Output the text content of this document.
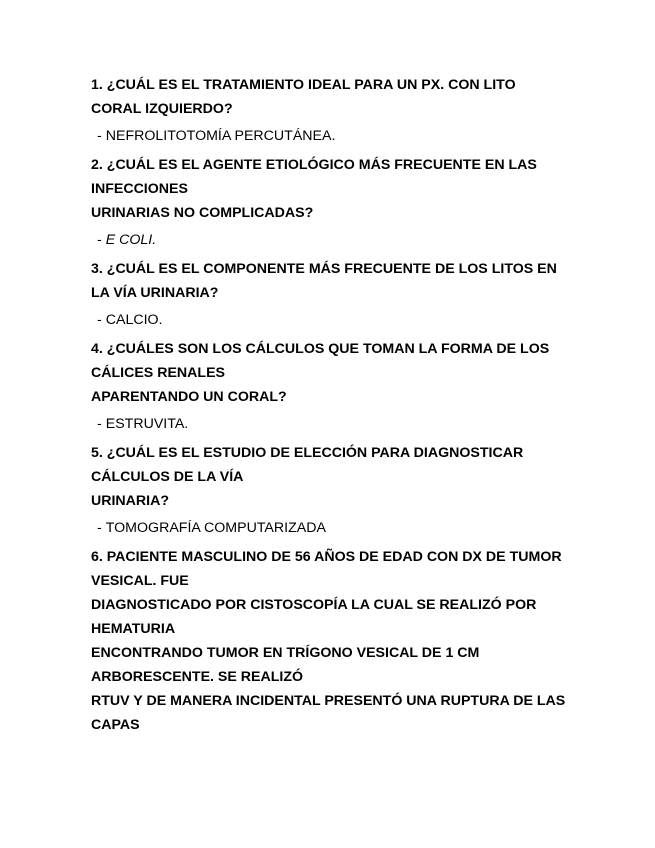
1. ¿CUÁL ES EL TRATAMIENTO IDEAL PARA UN PX. CON LITO
CORAL IZQUIERDO?
- NEFROLITOTOMÍA PERCUTÁNEA.
2. ¿CUÁL ES EL AGENTE ETIOLÓGICO MÁS FRECUENTE EN LAS
INFECCIONES
URINARIAS NO COMPLICADAS?
- E COLI.
3. ¿CUÁL ES EL COMPONENTE MÁS FRECUENTE DE LOS LITOS EN
LA VÍA URINARIA?
- CALCIO.
4. ¿CUÁLES SON LOS CÁLCULOS QUE TOMAN LA FORMA DE LOS
CÁLICES RENALES
APARENTANDO UN CORAL?
- ESTRUVITA.
5. ¿CUÁL ES EL ESTUDIO DE ELECCIÓN PARA DIAGNOSTICAR
CÁLCULOS DE LA VÍA
URINARIA?
- TOMOGRAFÍA COMPUTARIZADA
6. PACIENTE MASCULINO DE 56 AÑOS DE EDAD CON DX DE TUMOR
VESICAL. FUE
DIAGNOSTICADO POR CISTOSCOPÍA LA CUAL SE REALIZÓ POR
HEMATURIA
ENCONTRANDO TUMOR EN TRÍGONO VESICAL DE 1 CM
ARBORESCENTE. SE REALIZÓ
RTUV Y DE MANERA INCIDENTAL PRESENTÓ UNA RUPTURA DE LAS
CAPAS
